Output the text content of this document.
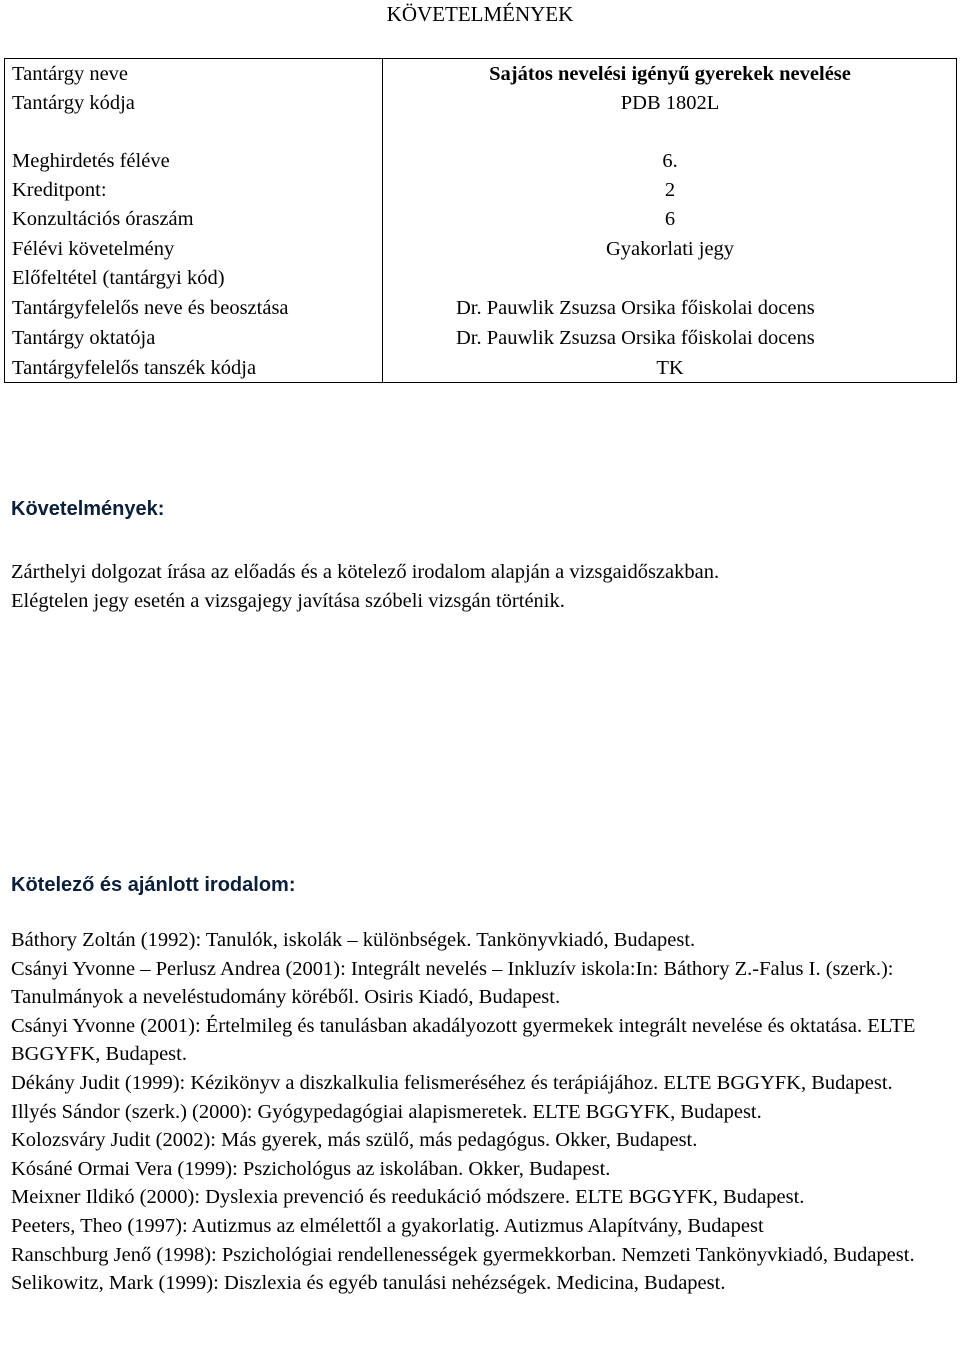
KÖVETELMÉNYEK
Tantárgy neve	Sajátos nevelési igényű gyerekek nevelése
Tantárgy kódja	PDB 1802L
Meghirdetés féléve	6.
Kreditpont:	2
Konzultációs óraszám	6
Félévi követelmény	Gyakorlati jegy
Előfeltétel (tantárgyi kód)
Tantárgyfelelős neve és beosztása	Dr. Pauwlik Zsuzsa Orsika főiskolai docens
Tantárgy oktatója	Dr. Pauwlik Zsuzsa Orsika főiskolai docens
Tantárgyfelelős tanszék kódja	TK
Követelmények:

Zárthelyi dolgozat írása az előadás és a kötelező irodalom alapján a vizsgaidőszakban.

Elégtelen jegy esetén a vizsgajegy javítása szóbeli vizsgán történik.

Kötelező és ajánlott irodalom:

Báthory Zoltán (1992): Tanulók, iskolák – különbségek. Tankönyvkiadó, Budapest.

Csányi Yvonne – Perlusz Andrea (2001): Integrált nevelés – Inkluzív iskola:In: Báthory Z.-Falus I. (szerk.): Tanulmányok a neveléstudomány köréből. Osiris Kiadó, Budapest.

Csányi Yvonne (2001): Értelmileg és tanulásban akadályozott gyermekek integrált nevelése és oktatása. ELTE BGGYFK, Budapest.

Dékány Judit (1999): Kézikönyv a diszkalkulia felismeréséhez és terápiájához. ELTE BGGYFK, Budapest.

Illyés Sándor (szerk.) (2000): Gyógypedagógiai alapismeretek. ELTE BGGYFK, Budapest.

Kolozsváry Judit (2002): Más gyerek, más szülő, más pedagógus. Okker, Budapest.

Kósáné Ormai Vera (1999): Pszichológus az iskolában. Okker, Budapest.

Meixner Ildikó (2000): Dyslexia prevenció és reedukáció módszere. ELTE BGGYFK, Budapest.

Peeters, Theo (1997): Autizmus az elmélettől a gyakorlatig. Autizmus Alapítvány, Budapest

Ranschburg Jenő (1998): Pszichológiai rendellenességek gyermekkorban. Nemzeti Tankönyvkiadó, Budapest.

Selikowitz, Mark (1999): Diszlexia és egyéb tanulási nehézségek. Medicina, Budapest.
